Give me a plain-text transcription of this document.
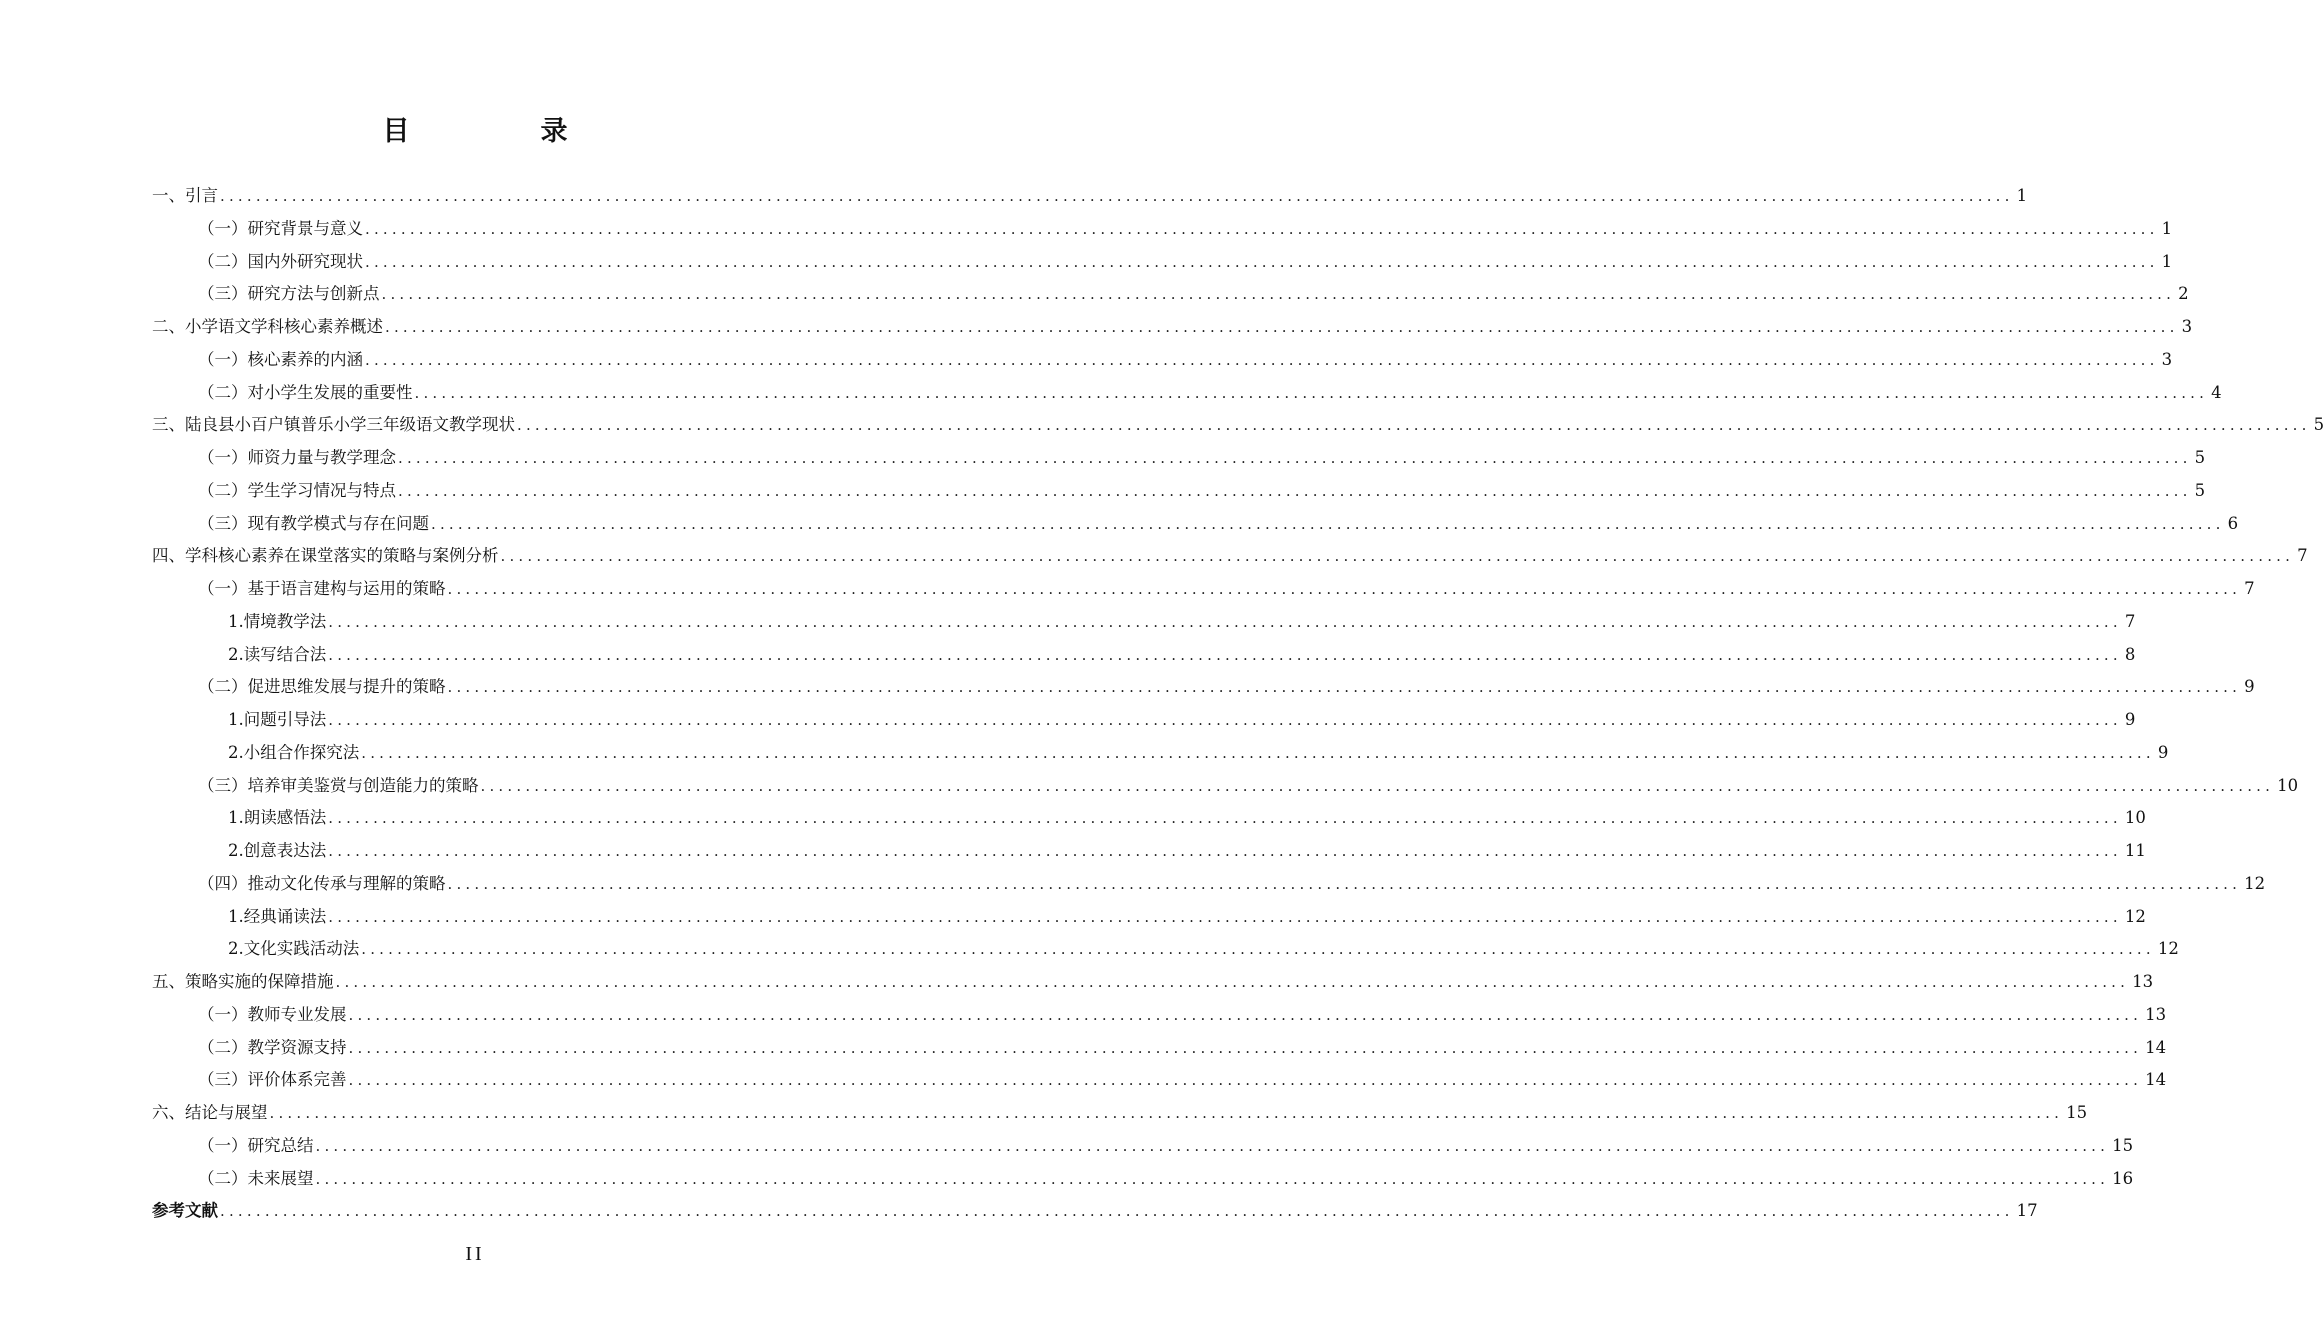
目　录
一、引言 ........................................................................................................................................................................................................ 1
（一）研究背景与意义 ........................................................................................................................................................................................................ 1
（二）国内外研究现状 ........................................................................................................................................................................................................ 1
（三）研究方法与创新点 ........................................................................................................................................................................................................ 2
二、小学语文学科核心素养概述 ........................................................................................................................................................................................................ 3
（一）核心素养的内涵 ........................................................................................................................................................................................................ 3
（二）对小学生发展的重要性 ........................................................................................................................................................................................................ 4
三、陆良县小百户镇普乐小学三年级语文教学现状 ........................................................................................................................................................................................................ 5
（一）师资力量与教学理念 ........................................................................................................................................................................................................ 5
（二）学生学习情况与特点 ........................................................................................................................................................................................................ 5
（三）现有教学模式与存在问题 ........................................................................................................................................................................................................ 6
四、学科核心素养在课堂落实的策略与案例分析 ........................................................................................................................................................................................................ 7
（一）基于语言建构与运用的策略 ........................................................................................................................................................................................................ 7
1.情境教学法 ........................................................................................................................................................................................................ 7
2.读写结合法 ........................................................................................................................................................................................................ 8
（二）促进思维发展与提升的策略 ........................................................................................................................................................................................................ 9
1.问题引导法 ........................................................................................................................................................................................................ 9
2.小组合作探究法 ........................................................................................................................................................................................................ 9
（三）培养审美鉴赏与创造能力的策略 ........................................................................................................................................................................................................ 10
1.朗读感悟法 ........................................................................................................................................................................................................ 10
2.创意表达法 ........................................................................................................................................................................................................ 11
（四）推动文化传承与理解的策略 ........................................................................................................................................................................................................ 12
1.经典诵读法 ........................................................................................................................................................................................................ 12
2.文化实践活动法 ........................................................................................................................................................................................................ 12
五、策略实施的保障措施 ........................................................................................................................................................................................................ 13
（一）教师专业发展 ........................................................................................................................................................................................................ 13
（二）教学资源支持 ........................................................................................................................................................................................................ 14
（三）评价体系完善 ........................................................................................................................................................................................................ 14
六、结论与展望 ........................................................................................................................................................................................................ 15
（一）研究总结 ........................................................................................................................................................................................................ 15
（二）未来展望 ........................................................................................................................................................................................................ 16
参考文献 ........................................................................................................................................................................................................ 17
II
